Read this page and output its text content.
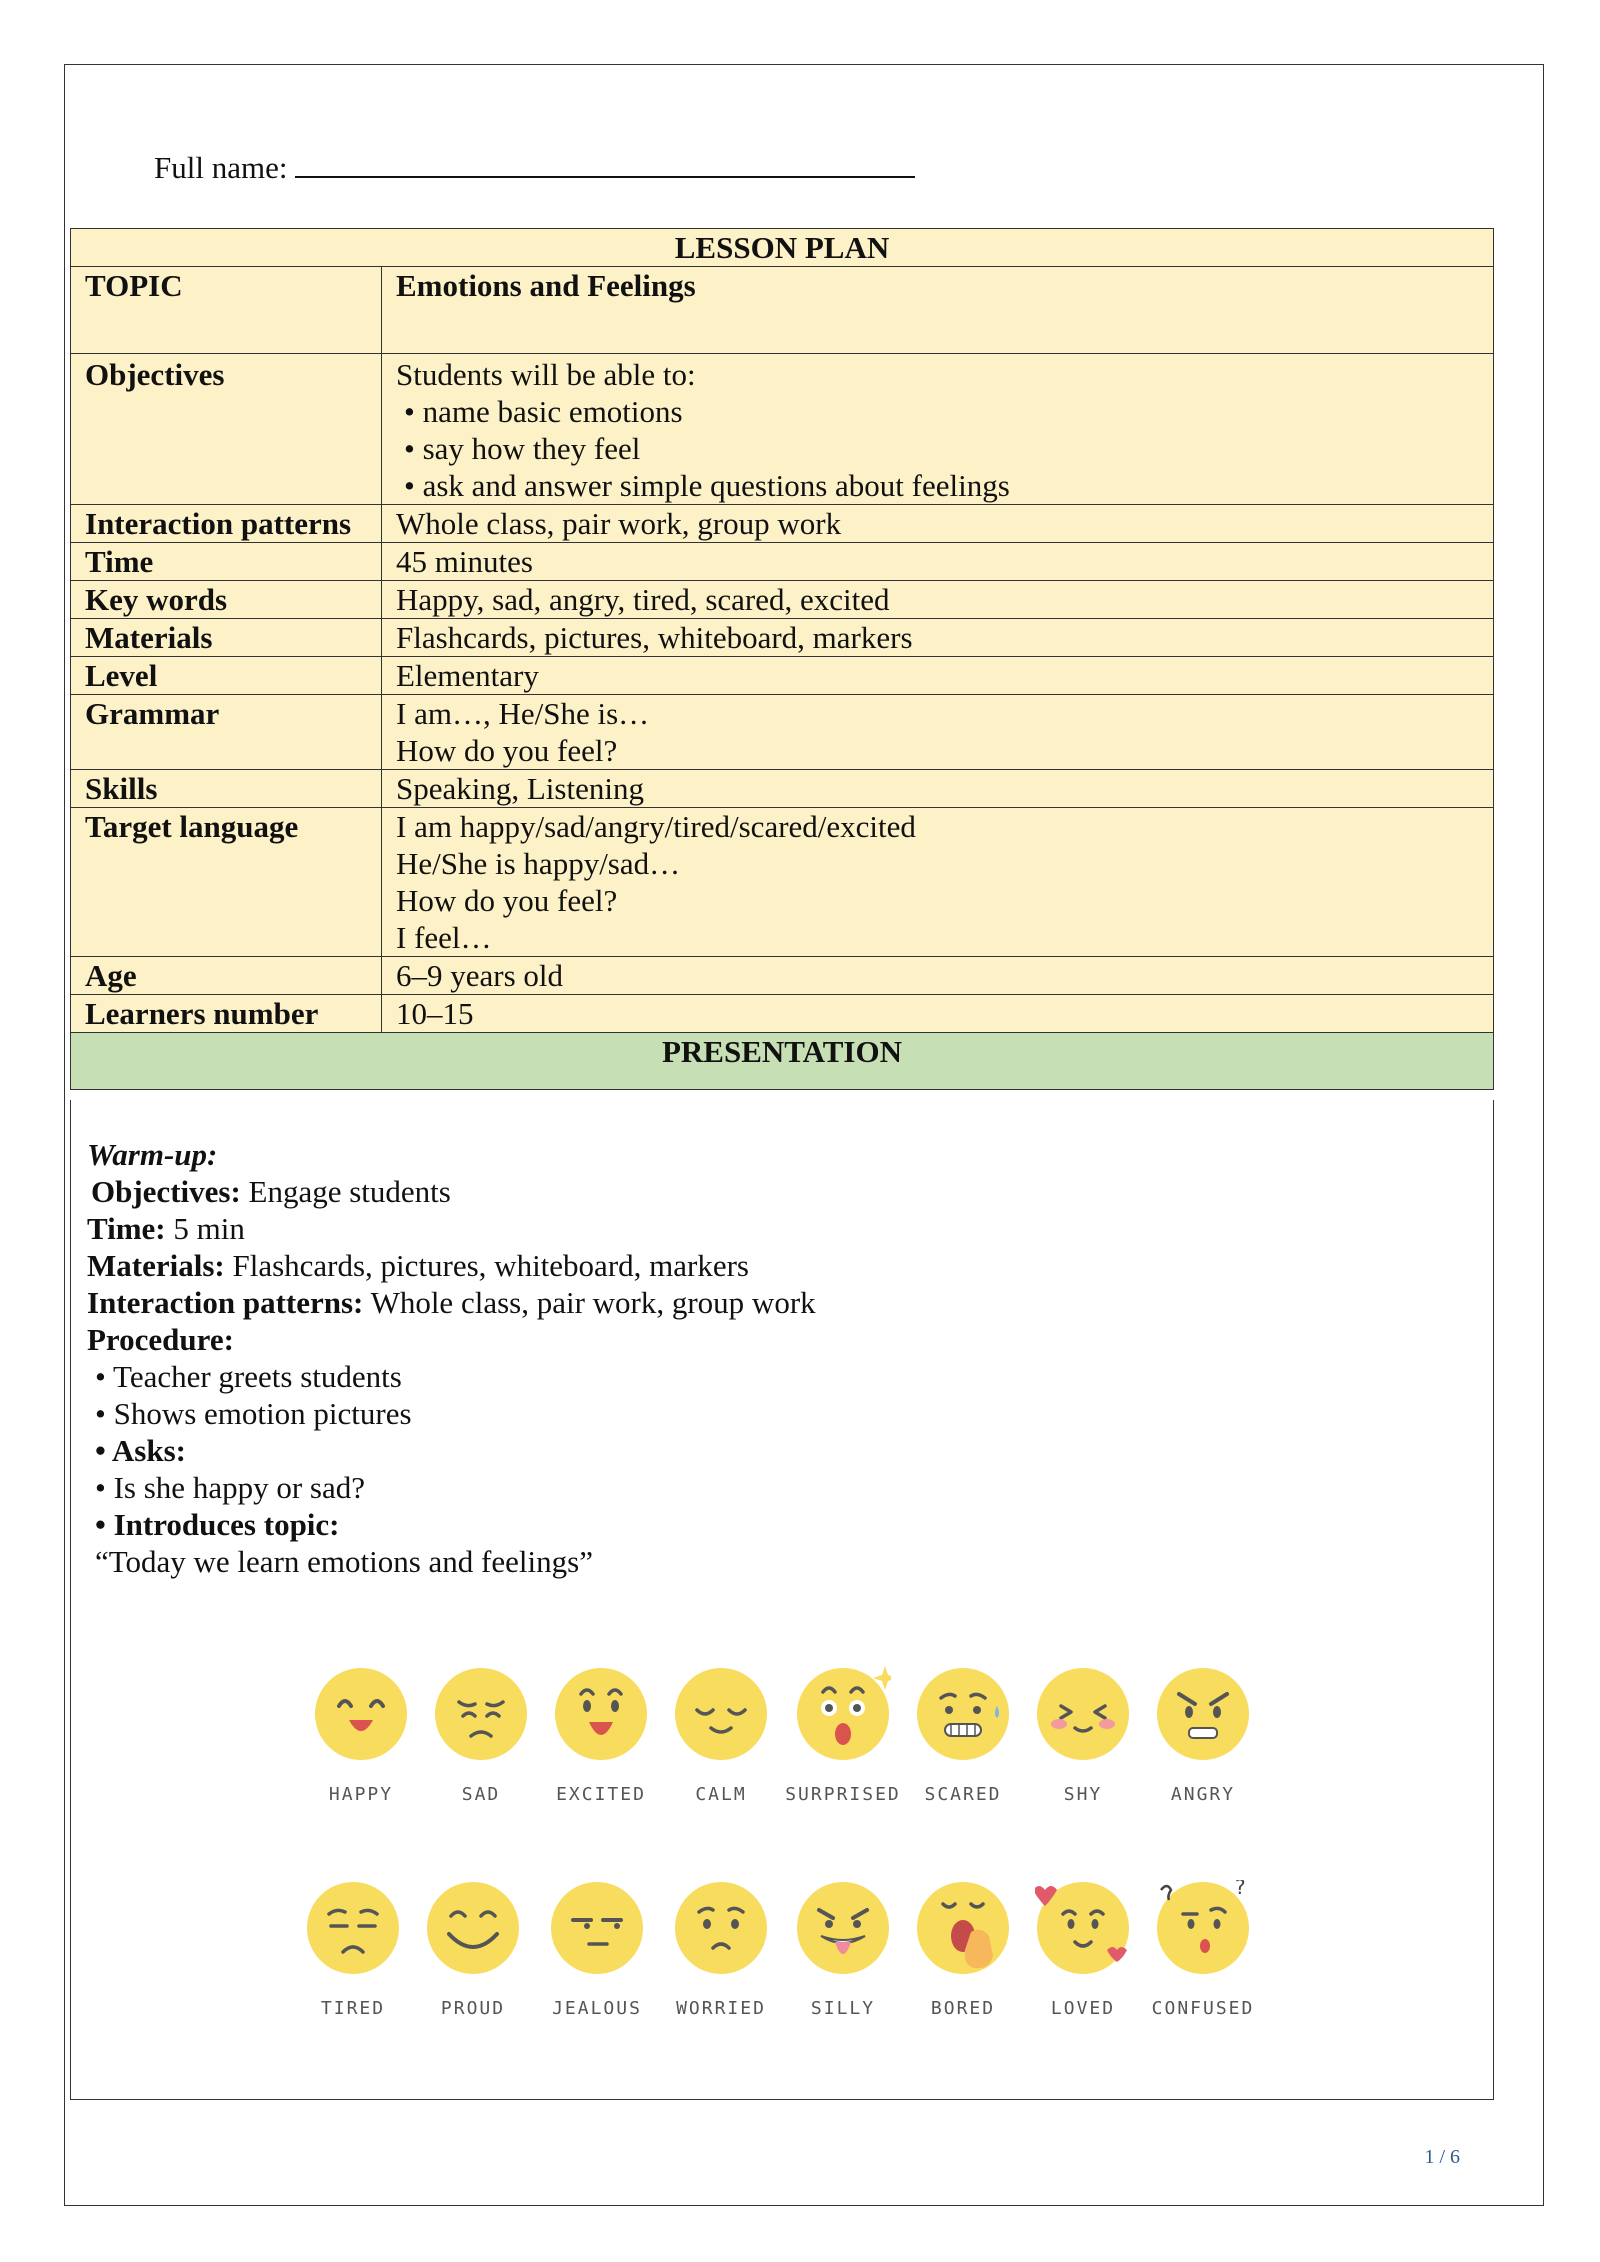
Full name:
LESSON PLAN	
TOPIC	Emotions and Feelings
Objectives	Students will be able to:
• name basic emotions
• say how they feel
• ask and answer simple questions about feelings

Interaction patterns	Whole class, pair work, group work
Time	45 minutes
Key words	Happy, sad, angry, tired, scared, excited
Materials	Flashcards, pictures, whiteboard, markers
Level	Elementary
Grammar	I am…, He/She is…
How do you feel?

Skills	Speaking, Listening
Target language	I am happy/sad/angry/tired/scared/excited
He/She is happy/sad…
How do you feel?
I feel…

Age	6–9 years old
Learners number	10–15
PRESENTATION	
Warm-up:
Objectives: Engage students
Time: 5 min
Materials: Flashcards, pictures, whiteboard, markers
Interaction patterns: Whole class, pair work, group work
Procedure:
• Teacher greets students
• Shows emotion pictures
• Asks:
• Is she happy or sad?
• Introduces topic:
“Today we learn emotions and feelings”
HAPPY	SAD	EXCITED	CALM	SURPRISED	SCARED	SHY	ANGRY
TIRED	PROUD	JEALOUS	WORRIED	SILLY	BORED	LOVED
?
CONFUSED
1 / 6
